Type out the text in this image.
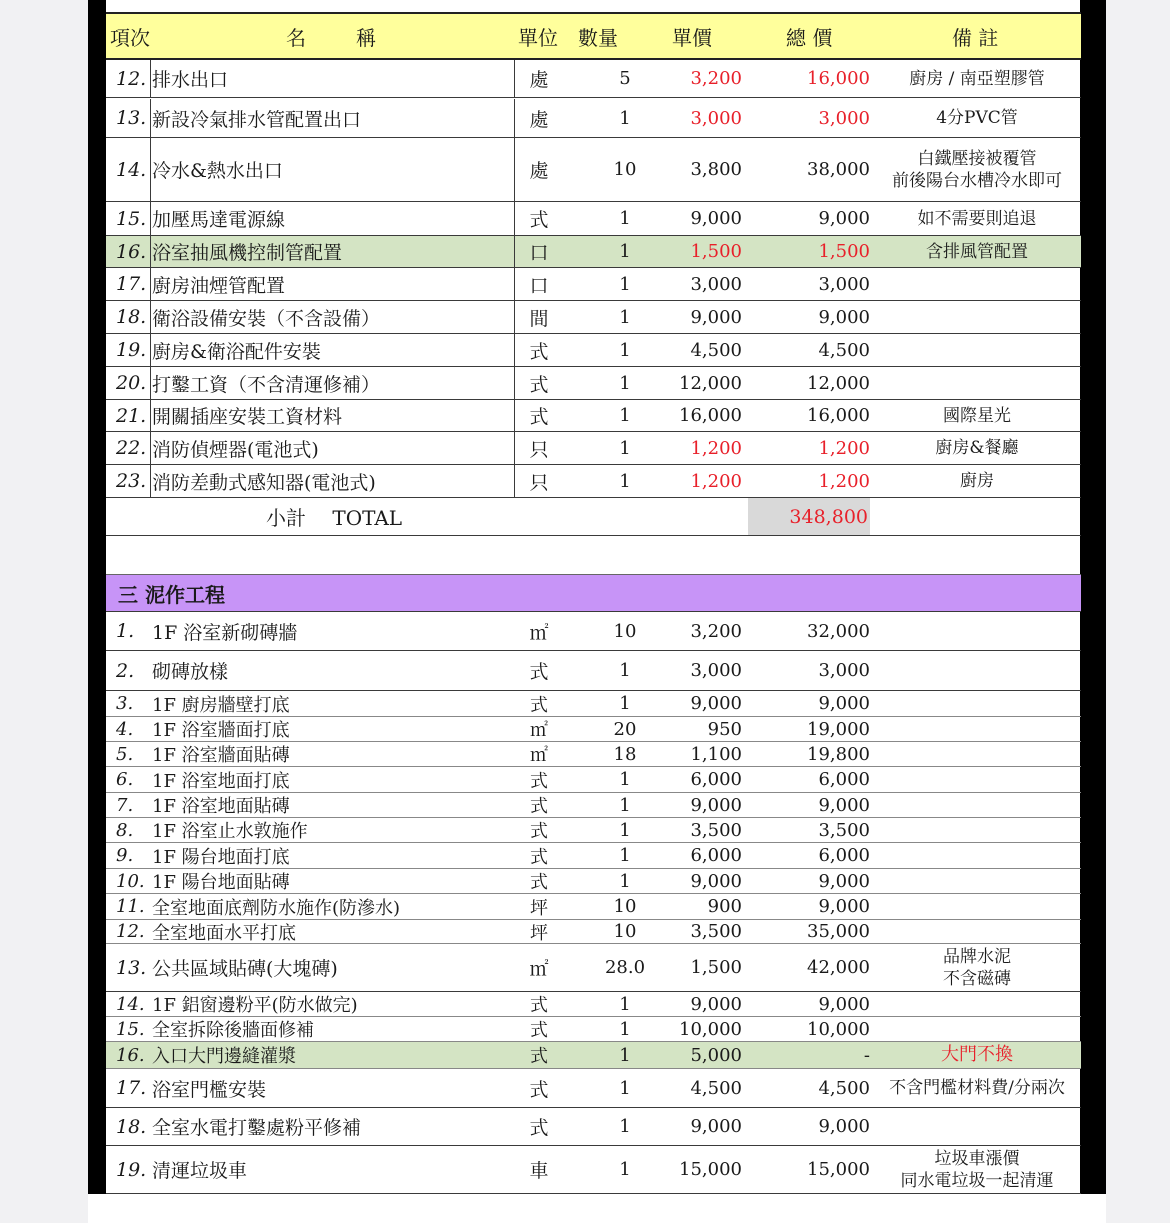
項次	名	稱	單位 數量	單價	總 價	備 註
12. 排水出口	處	5	3,200	16,000 廚房 / 南亞塑膠管
13. 新設冷氣排水管配置出口	處	1	3,000	3,000	4分PVC管
14. 冷水&熱水出口	處	10	3,800	38,000
白鐵壓接被覆管
前後陽台水槽冷水即可
15. 加壓馬達電源線	式	1	9,000	9,000	如不需要則追退
16. 浴室抽風機控制管配置	口	1	1,500	1,500	含排風管配置
17. 廚房油煙管配置	口	1	3,000	3,000
18. 衛浴設備安裝（不含設備）	間	1	9,000	9,000
19. 廚房&衛浴配件安裝	式	1	4,500	4,500
20. 打鑿工資（不含清運修補）	式	1	12,000	12,000
21. 開關插座安裝工資材料	式	1	16,000	16,000	國際星光
22. 消防偵煙器(電池式)	只	1	1,200	1,200	廚房&餐廳
23. 消防差動式感知器(電池式)	只	1	1,200	1,200	廚房
小計　 TOTAL	348,800
三 泥作工程
1. 1F 浴室新砌磚牆	㎡	10	3,200	32,000
2. 砌磚放樣	式	1	3,000	3,000
3.	1F 廚房牆壁打底	式	1	9,000	9,000
4.	1F 浴室牆面打底	㎡	20	950	19,000
5.	1F 浴室牆面貼磚	㎡	18	1,100	19,800
6.	1F 浴室地面打底	式	1	6,000	6,000
7.	1F 浴室地面貼磚	式	1	9,000	9,000
8.	1F 浴室止水敦施作	式	1	3,500	3,500
9.	1F 陽台地面打底	式	1	6,000	6,000
10. 1F 陽台地面貼磚	式	1	9,000	9,000
11. 全室地面底劑防水施作(防滲水)	坪	10	900	9,000
12. 全室地面水平打底	坪	10	3,500	35,000
13. 公共區域貼磚(大塊磚)	㎡	28.0	1,500	42,000
品牌水泥
不含磁磚
14. 1F 鋁窗邊粉平(防水做完)	式	1	9,000	9,000
15. 全室拆除後牆面修補	式	1	10,000	10,000
16. 入口大門邊縫灌漿	式	1	5,000	-	大門不換
17. 浴室門檻安裝	式	1	4,500	4,500 不含門檻材料費/分兩次
18. 全室水電打鑿處粉平修補	式	1	9,000	9,000
19. 清運垃圾車	車	1	15,000	15,000
垃圾車漲價
同水電垃圾一起清運
